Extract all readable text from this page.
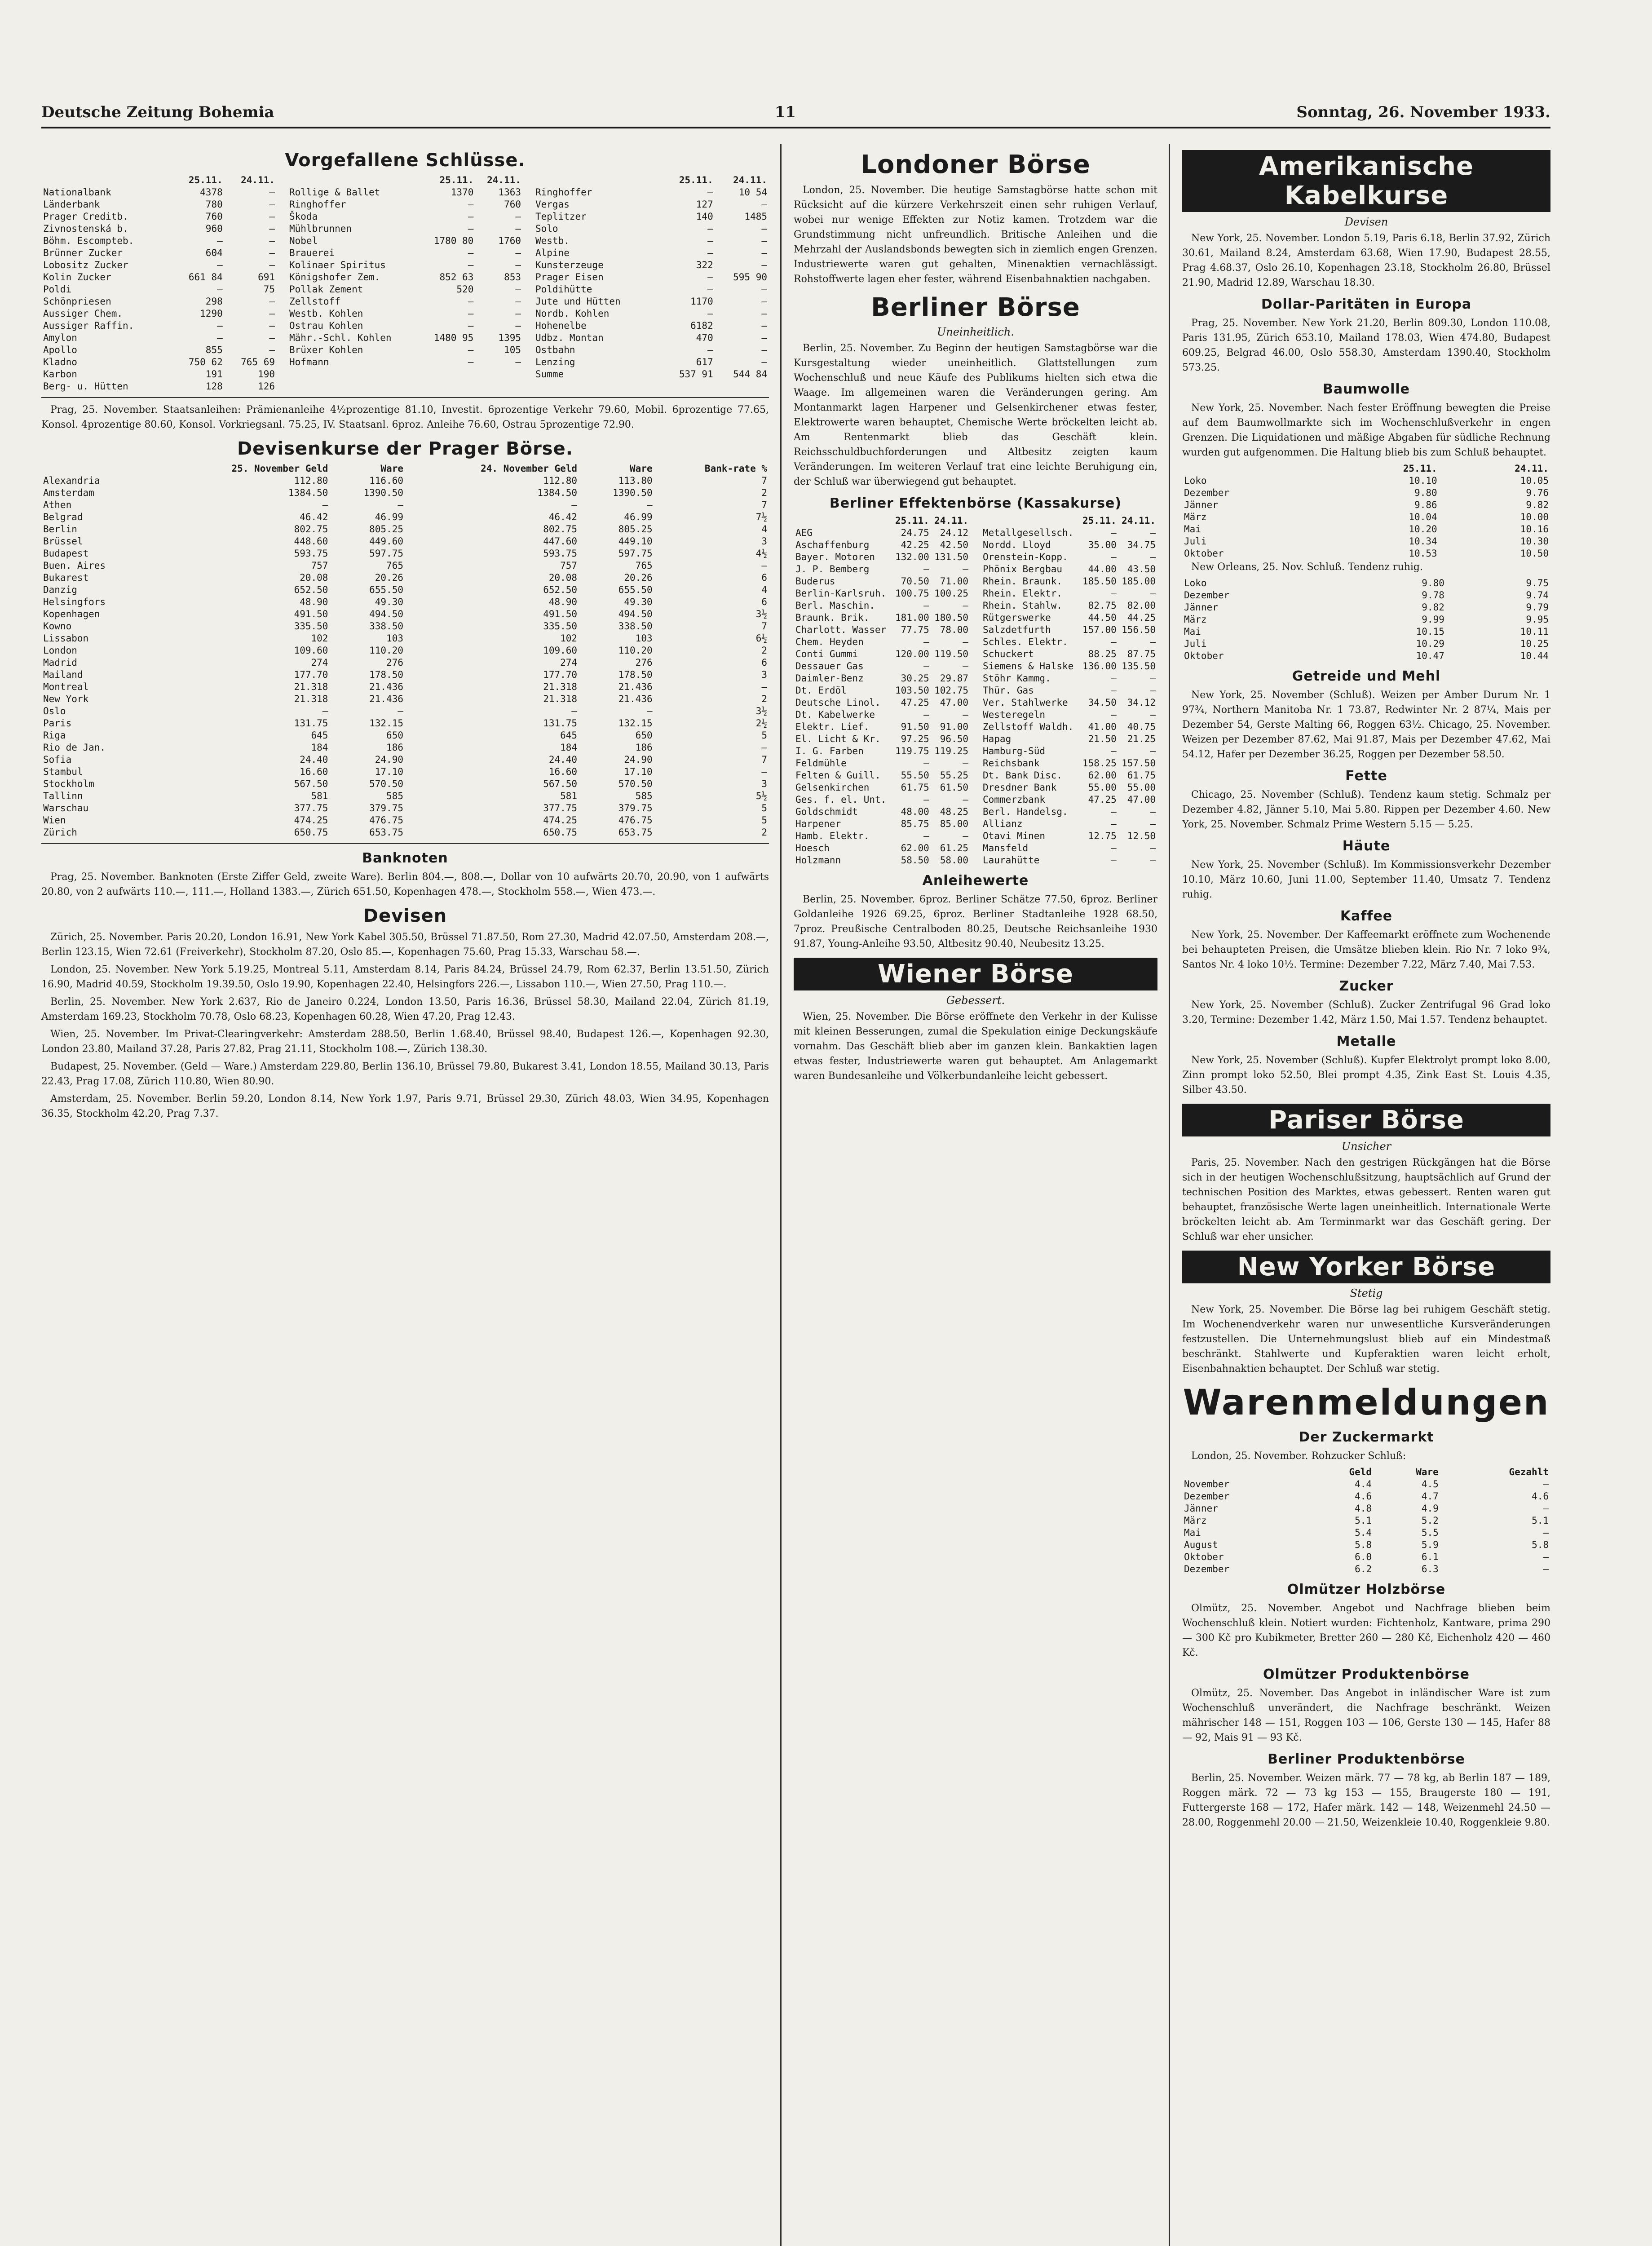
Deutsche Zeitung Bohemia	11	Sonntag, 26. November 1933.
Vorgefallene Schlüsse.
	25.11.	24.11.
Nationalbank	4378	—
Länderbank	780	—
Prager Creditb.	760	—
Zivnostenská b.	960	—
Böhm. Escompteb.	—	—
Brünner Zucker	604	—
Lobositz Zucker	—	—
Kolin Zucker	661 84	691
Poldi	—	75
Schönpriesen	298	—
Aussiger Chem.	1290	—
Aussiger Raffin.	—	—
Amylon	—	—
Apollo	855	—
Kladno	750 62	765 69
Karbon	191	190
Berg- u. Hütten	128	126
	25.11.	24.11.
Rollige & Ballet	1370	1363
Ringhoffer	—	760
Škoda	—	—
Mühlbrunnen	—	—
Nobel	1780 80	1760
Brauerei	—	—
Kolinaer Spiritus	—	—
Königshofer Zem.	852 63	853
Pollak Zement	520	—
Zellstoff	—	—
Westb. Kohlen	—	—
Ostrau Kohlen	—	—
Mähr.-Schl. Kohlen	1480 95	1395
Brüxer Kohlen	—	105
Hofmann	—	—
	25.11.	24.11.
Ringhoffer	—	10 54
Vergas	127	—
Teplitzer	140	1485
Solo	—	—
Westb.	—	—
Alpine	—	—
Kunsterzeuge	322	—
Prager Eisen	—	595 90
Poldihütte	—	—
Jute und Hütten	1170	—
Nordb. Kohlen	—	—
Hohenelbe	6182	—
Udbz. Montan	470	—
Ostbahn	—	—
Lenzing	617	—
Summe	537 91	544 84

Prag, 25. November. Staatsanleihen: Prämienanleihe 4½prozentige 81.10, Investit. 6prozentige Verkehr 79.60, Mobil. 6prozentige 77.65, Konsol. 4prozentige 80.60, Konsol. Vorkriegsanl. 75.25, IV. Staatsanl. 6proz. Anleihe 76.60, Ostrau 5prozentige 72.90.

Devisenkurse der Prager Börse.
	25. November Geld	Ware	24. November Geld	Ware	Bank-rate %
Alexandria	112.80	116.60	112.80	113.80	7
Amsterdam	1384.50	1390.50	1384.50	1390.50	2
Athen	—	—	—	—	7
Belgrad	46.42	46.99	46.42	46.99	7½
Berlin	802.75	805.25	802.75	805.25	4
Brüssel	448.60	449.60	447.60	449.10	3
Budapest	593.75	597.75	593.75	597.75	4½
Buen. Aires	757	765	757	765	—
Bukarest	20.08	20.26	20.08	20.26	6
Danzig	652.50	655.50	652.50	655.50	4
Helsingfors	48.90	49.30	48.90	49.30	6
Kopenhagen	491.50	494.50	491.50	494.50	3½
Kowno	335.50	338.50	335.50	338.50	7
Lissabon	102	103	102	103	6½
London	109.60	110.20	109.60	110.20	2
Madrid	274	276	274	276	6
Mailand	177.70	178.50	177.70	178.50	3
Montreal	21.318	21.436	21.318	21.436	—
New York	21.318	21.436	21.318	21.436	2
Oslo	—	—	—	—	3½
Paris	131.75	132.15	131.75	132.15	2½
Riga	645	650	645	650	5
Rio de Jan.	184	186	184	186	—
Sofia	24.40	24.90	24.40	24.90	7
Stambul	16.60	17.10	16.60	17.10	—
Stockholm	567.50	570.50	567.50	570.50	3
Tallinn	581	585	581	585	5½
Warschau	377.75	379.75	377.75	379.75	5
Wien	474.25	476.75	474.25	476.75	5
Zürich	650.75	653.75	650.75	653.75	2
Banknoten

Prag, 25. November. Banknoten (Erste Ziffer Geld, zweite Ware). Berlin 804.—, 808.—, Dollar von 10 aufwärts 20.70, 20.90, von 1 aufwärts 20.80, von 2 aufwärts 110.—, 111.—, Holland 1383.—, Zürich 651.50, Kopenhagen 478.—, Stockholm 558.—, Wien 473.—.

Devisen

Zürich, 25. November. Paris 20.20, London 16.91, New York Kabel 305.50, Brüssel 71.87.50, Rom 27.30, Madrid 42.07.50, Amsterdam 208.—, Berlin 123.15, Wien 72.61 (Freiverkehr), Stockholm 87.20, Oslo 85.—, Kopenhagen 75.60, Prag 15.33, Warschau 58.—.

London, 25. November. New York 5.19.25, Montreal 5.11, Amsterdam 8.14, Paris 84.24, Brüssel 24.79, Rom 62.37, Berlin 13.51.50, Zürich 16.90, Madrid 40.59, Stockholm 19.39.50, Oslo 19.90, Kopenhagen 22.40, Helsingfors 226.—, Lissabon 110.—, Wien 27.50, Prag 110.—.

Berlin, 25. November. New York 2.637, Rio de Janeiro 0.224, London 13.50, Paris 16.36, Brüssel 58.30, Mailand 22.04, Zürich 81.19, Amsterdam 169.23, Stockholm 70.78, Oslo 68.23, Kopenhagen 60.28, Wien 47.20, Prag 12.43.

Wien, 25. November. Im Privat-Clearingverkehr: Amsterdam 288.50, Berlin 1.68.40, Brüssel 98.40, Budapest 126.—, Kopenhagen 92.30, London 23.80, Mailand 37.28, Paris 27.82, Prag 21.11, Stockholm 108.—, Zürich 138.30.

Budapest, 25. November. (Geld — Ware.) Amsterdam 229.80, Berlin 136.10, Brüssel 79.80, Bukarest 3.41, London 18.55, Mailand 30.13, Paris 22.43, Prag 17.08, Zürich 110.80, Wien 80.90.

Amsterdam, 25. November. Berlin 59.20, London 8.14, New York 1.97, Paris 9.71, Brüssel 29.30, Zürich 48.03, Wien 34.95, Kopenhagen 36.35, Stockholm 42.20, Prag 7.37.

Londoner Börse

London, 25. November. Die heutige Samstagbörse hatte schon mit Rücksicht auf die kürzere Verkehrszeit einen sehr ruhigen Verlauf, wobei nur wenige Effekten zur Notiz kamen. Trotzdem war die Grundstimmung nicht unfreundlich. Britische Anleihen und die Mehrzahl der Auslandsbonds bewegten sich in ziemlich engen Grenzen. Industriewerte waren gut gehalten, Minenaktien vernachlässigt. Rohstoffwerte lagen eher fester, während Eisenbahnaktien nachgaben.

Berliner Börse
Uneinheitlich.

Berlin, 25. November. Zu Beginn der heutigen Samstagbörse war die Kursgestaltung wieder uneinheitlich. Glattstellungen zum Wochenschluß und neue Käufe des Publikums hielten sich etwa die Waage. Im allgemeinen waren die Veränderungen gering. Am Montanmarkt lagen Harpener und Gelsenkirchener etwas fester, Elektrowerte waren behauptet, Chemische Werte bröckelten leicht ab. Am Rentenmarkt blieb das Geschäft klein. Reichsschuldbuchforderungen und Altbesitz zeigten kaum Veränderungen. Im weiteren Verlauf trat eine leichte Beruhigung ein, der Schluß war überwiegend gut behauptet.

Berliner Effektenbörse (Kassakurse)
	25.11.	24.11.
AEG	24.75	24.12
Aschaffenburg	42.25	42.50
Bayer. Motoren	132.00	131.50
J. P. Bemberg	—	—
Buderus	70.50	71.00
Berlin-Karlsruh.	100.75	100.25
Berl. Maschin.	—	—
Braunk. Brik.	181.00	180.50
Charlott. Wasser	77.75	78.00
Chem. Heyden	—	—
Conti Gummi	120.00	119.50
Dessauer Gas	—	—
Daimler-Benz	30.25	29.87
Dt. Erdöl	103.50	102.75
Deutsche Linol.	47.25	47.00
Dt. Kabelwerke	—	—
Elektr. Lief.	91.50	91.00
El. Licht & Kr.	97.25	96.50
I. G. Farben	119.75	119.25
Feldmühle	—	—
Felten & Guill.	55.50	55.25
Gelsenkirchen	61.75	61.50
Ges. f. el. Unt.	—	—
Goldschmidt	48.00	48.25
Harpener	85.75	85.00
Hamb. Elektr.	—	—
Hoesch	62.00	61.25
Holzmann	58.50	58.00
	25.11.	24.11.
Metallgesellsch.	—	—
Nordd. Lloyd	35.00	34.75
Orenstein-Kopp.	—	—
Phönix Bergbau	44.00	43.50
Rhein. Braunk.	185.50	185.00
Rhein. Elektr.	—	—
Rhein. Stahlw.	82.75	82.00
Rütgerswerke	44.50	44.25
Salzdetfurth	157.00	156.50
Schles. Elektr.	—	—
Schuckert	88.25	87.75
Siemens & Halske	136.00	135.50
Stöhr Kammg.	—	—
Thür. Gas	—	—
Ver. Stahlwerke	34.50	34.12
Westeregeln	—	—
Zellstoff Waldh.	41.00	40.75
Hapag	21.50	21.25
Hamburg-Süd	—	—
Reichsbank	158.25	157.50
Dt. Bank Disc.	62.00	61.75
Dresdner Bank	55.00	55.00
Commerzbank	47.25	47.00
Berl. Handelsg.	—	—
Allianz	—	—
Otavi Minen	12.75	12.50
Mansfeld	—	—
Laurahütte	—	—
Anleihewerte

Berlin, 25. November. 6proz. Berliner Schätze 77.50, 6proz. Berliner Goldanleihe 1926 69.25, 6proz. Berliner Stadtanleihe 1928 68.50, 7proz. Preußische Centralboden 80.25, Deutsche Reichsanleihe 1930 91.87, Young-Anleihe 93.50, Altbesitz 90.40, Neubesitz 13.25.

Wiener Börse
Gebessert.

Wien, 25. November. Die Börse eröffnete den Verkehr in der Kulisse mit kleinen Besserungen, zumal die Spekulation einige Deckungskäufe vornahm. Das Geschäft blieb aber im ganzen klein. Bankaktien lagen etwas fester, Industriewerte waren gut behauptet. Am Anlagemarkt waren Bundesanleihe und Völkerbundanleihe leicht gebessert.

Amerikanische Kabelkurse
Devisen

New York, 25. November. London 5.19, Paris 6.18, Berlin 37.92, Zürich 30.61, Mailand 8.24, Amsterdam 63.68, Wien 17.90, Budapest 28.55, Prag 4.68.37, Oslo 26.10, Kopenhagen 23.18, Stockholm 26.80, Brüssel 21.90, Madrid 12.89, Warschau 18.30.

Dollar-Paritäten in Europa

Prag, 25. November. New York 21.20, Berlin 809.30, London 110.08, Paris 131.95, Zürich 653.10, Mailand 178.03, Wien 474.80, Budapest 609.25, Belgrad 46.00, Oslo 558.30, Amsterdam 1390.40, Stockholm 573.25.

Baumwolle

New York, 25. November. Nach fester Eröffnung bewegten die Preise auf dem Baumwollmarkte sich im Wochenschlußverkehr in engen Grenzen. Die Liquidationen und mäßige Abgaben für südliche Rechnung wurden gut aufgenommen. Die Haltung blieb bis zum Schluß behauptet.

	25.11.	24.11.
Loko	10.10	10.05
Dezember	9.80	9.76
Jänner	9.86	9.82
März	10.04	10.00
Mai	10.20	10.16
Juli	10.34	10.30
Oktober	10.53	10.50

New Orleans, 25. Nov. Schluß. Tendenz ruhig.

Loko	9.80	9.75
Dezember	9.78	9.74
Jänner	9.82	9.79
März	9.99	9.95
Mai	10.15	10.11
Juli	10.29	10.25
Oktober	10.47	10.44
Getreide und Mehl

New York, 25. November (Schluß). Weizen per Amber Durum Nr. 1 97¾, Northern Manitoba Nr. 1 73.87, Redwinter Nr. 2 87¼, Mais per Dezember 54, Gerste Malting 66, Roggen 63½. Chicago, 25. November. Weizen per Dezember 87.62, Mai 91.87, Mais per Dezember 47.62, Mai 54.12, Hafer per Dezember 36.25, Roggen per Dezember 58.50.

Fette

Chicago, 25. November (Schluß). Tendenz kaum stetig. Schmalz per Dezember 4.82, Jänner 5.10, Mai 5.80. Rippen per Dezember 4.60. New York, 25. November. Schmalz Prime Western 5.15 — 5.25.

Häute

New York, 25. November (Schluß). Im Kommissionsverkehr Dezember 10.10, März 10.60, Juni 11.00, September 11.40, Umsatz 7. Tendenz ruhig.

Kaffee

New York, 25. November. Der Kaffeemarkt eröffnete zum Wochenende bei behaupteten Preisen, die Umsätze blieben klein. Rio Nr. 7 loko 9¾, Santos Nr. 4 loko 10½. Termine: Dezember 7.22, März 7.40, Mai 7.53.

Zucker

New York, 25. November (Schluß). Zucker Zentrifugal 96 Grad loko 3.20, Termine: Dezember 1.42, März 1.50, Mai 1.57. Tendenz behauptet.

Metalle

New York, 25. November (Schluß). Kupfer Elektrolyt prompt loko 8.00, Zinn prompt loko 52.50, Blei prompt 4.35, Zink East St. Louis 4.35, Silber 43.50.

Pariser Börse
Unsicher

Paris, 25. November. Nach den gestrigen Rückgängen hat die Börse sich in der heutigen Wochenschlußsitzung, hauptsächlich auf Grund der technischen Position des Marktes, etwas gebessert. Renten waren gut behauptet, französische Werte lagen uneinheitlich. Internationale Werte bröckelten leicht ab. Am Terminmarkt war das Geschäft gering. Der Schluß war eher unsicher.

New Yorker Börse
Stetig

New York, 25. November. Die Börse lag bei ruhigem Geschäft stetig. Im Wochenendverkehr waren nur unwesentliche Kursveränderungen festzustellen. Die Unternehmungslust blieb auf ein Mindestmaß beschränkt. Stahlwerte und Kupferaktien waren leicht erholt, Eisenbahnaktien behauptet. Der Schluß war stetig.

Warenmeldungen
Der Zuckermarkt

London, 25. November. Rohzucker Schluß:

	Geld	Ware	Gezahlt
November	4.4	4.5	—
Dezember	4.6	4.7	4.6
Jänner	4.8	4.9	—
März	5.1	5.2	5.1
Mai	5.4	5.5	—
August	5.8	5.9	5.8
Oktober	6.0	6.1	—
Dezember	6.2	6.3	—
Olmützer Holzbörse

Olmütz, 25. November. Angebot und Nachfrage blieben beim Wochenschluß klein. Notiert wurden: Fichtenholz, Kantware, prima 290 — 300 Kč pro Kubikmeter, Bretter 260 — 280 Kč, Eichenholz 420 — 460 Kč.

Olmützer Produktenbörse

Olmütz, 25. November. Das Angebot in inländischer Ware ist zum Wochenschluß unverändert, die Nachfrage beschränkt. Weizen mährischer 148 — 151, Roggen 103 — 106, Gerste 130 — 145, Hafer 88 — 92, Mais 91 — 93 Kč.

Berliner Produktenbörse

Berlin, 25. November. Weizen märk. 77 — 78 kg, ab Berlin 187 — 189, Roggen märk. 72 — 73 kg 153 — 155, Braugerste 180 — 191, Futtergerste 168 — 172, Hafer märk. 142 — 148, Weizenmehl 24.50 — 28.00, Roggenmehl 20.00 — 21.50, Weizenkleie 10.40, Roggenkleie 9.80.
